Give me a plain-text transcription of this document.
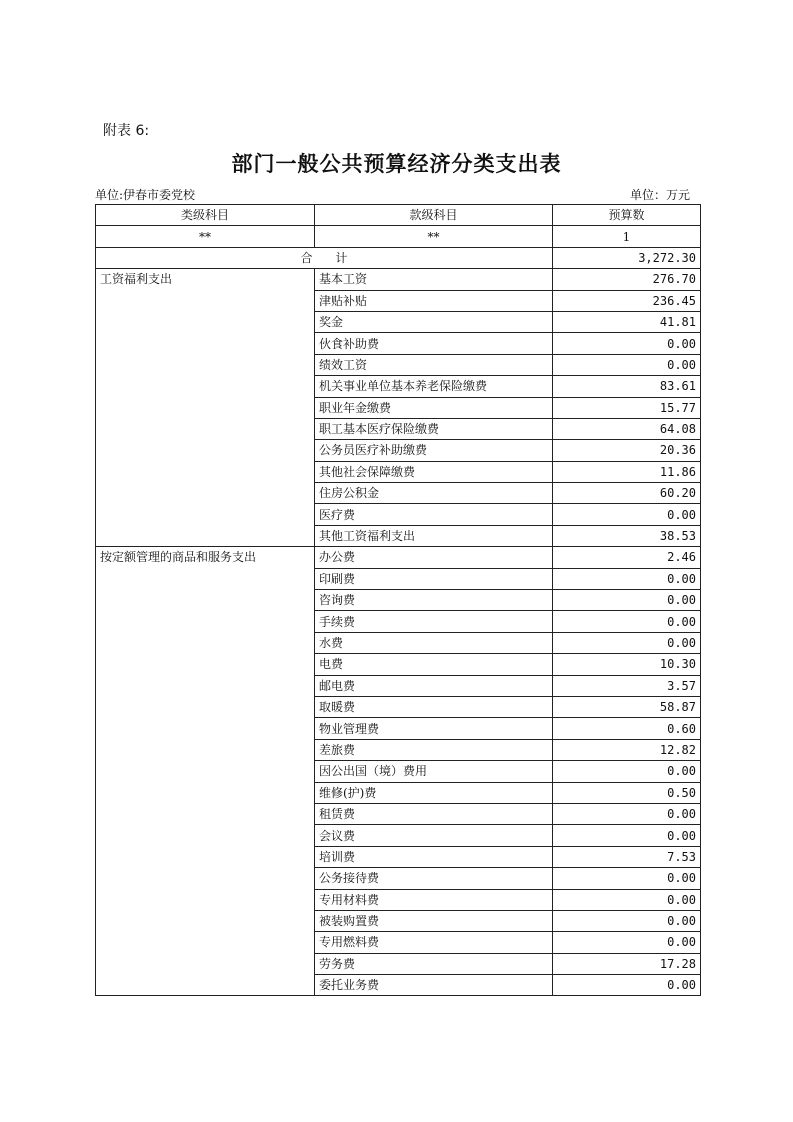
附表 6:
部门一般公共预算经济分类支出表
单位:伊春市委党校	单位：万元
类级科目	款级科目	预算数
**	**	1
合      计		3,272.30
工资福利支出	基本工资	276.70
	津贴补贴	236.45
	奖金	41.81
	伙食补助费	0.00
	绩效工资	0.00
	机关事业单位基本养老保险缴费	83.61
	职业年金缴费	15.77
	职工基本医疗保险缴费	64.08
	公务员医疗补助缴费	20.36
	其他社会保障缴费	11.86
	住房公积金	60.20
	医疗费	0.00
	其他工资福利支出	38.53
按定额管理的商品和服务支出	办公费	2.46
	印刷费	0.00
	咨询费	0.00
	手续费	0.00
	水费	0.00
	电费	10.30
	邮电费	3.57
	取暖费	58.87
	物业管理费	0.60
	差旅费	12.82
	因公出国（境）费用	0.00
	维修(护)费	0.50
	租赁费	0.00
	会议费	0.00
	培训费	7.53
	公务接待费	0.00
	专用材料费	0.00
	被装购置费	0.00
	专用燃料费	0.00
	劳务费	17.28
	委托业务费	0.00
